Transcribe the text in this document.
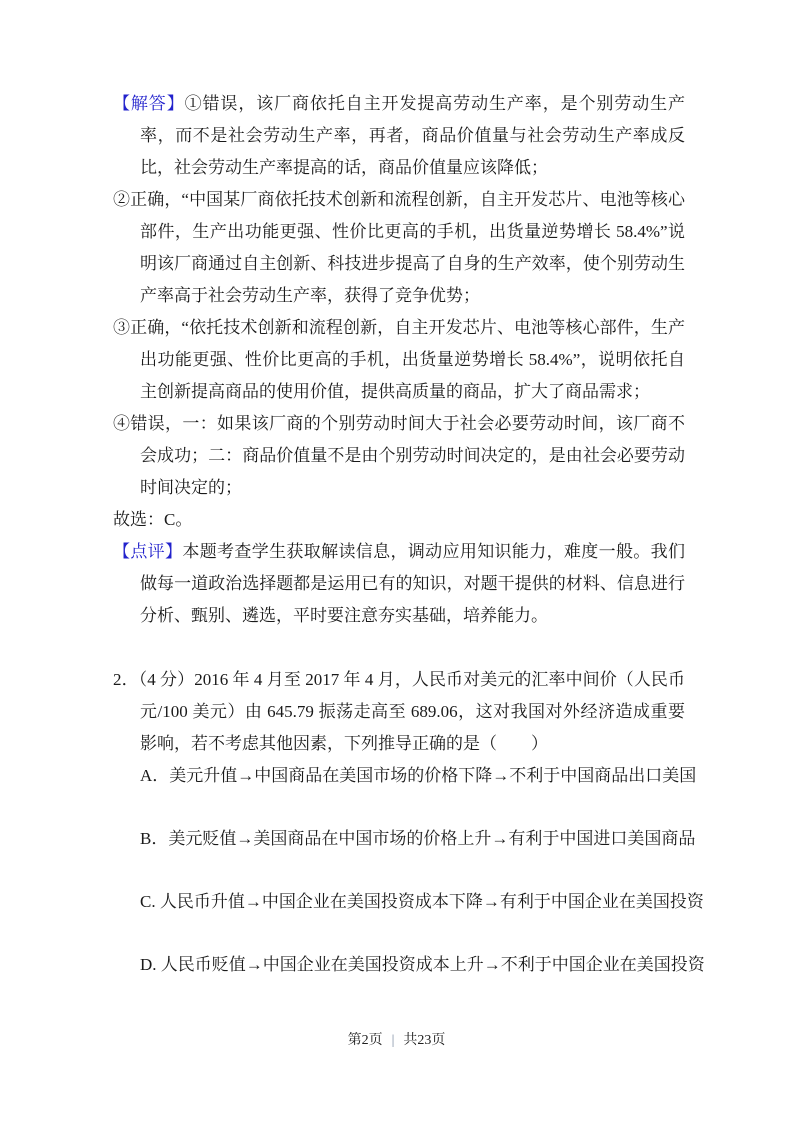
【解答】①错误，该厂商依托自主开发提高劳动生产率，是个别劳动生产率，而不是社会劳动生产率，再者，商品价值量与社会劳动生产率成反比，社会劳动生产率提高的话，商品价值量应该降低；

②正确，“中国某厂商依托技术创新和流程创新，自主开发芯片、电池等核心部件，生产出功能更强、性价比更高的手机，出货量逆势增长 58.4%”说明该厂商通过自主创新、科技进步提高了自身的生产效率，使个别劳动生产率高于社会劳动生产率，获得了竞争优势；

③正确，“依托技术创新和流程创新，自主开发芯片、电池等核心部件，生产出功能更强、性价比更高的手机，出货量逆势增长 58.4%”，说明依托自主创新提高商品的使用价值，提供高质量的商品，扩大了商品需求；

④错误，一：如果该厂商的个别劳动时间大于社会必要劳动时间，该厂商不会成功；二：商品价值量不是由个别劳动时间决定的，是由社会必要劳动时间决定的；

故选：C。

【点评】本题考查学生获取解读信息，调动应用知识能力，难度一般。我们做每一道政治选择题都是运用已有的知识，对题干提供的材料、信息进行分析、甄别、遴选，平时要注意夯实基础，培养能力。

2．（4 分）2016 年 4 月至 2017 年 4 月，人民币对美元的汇率中间价（人民币元/100 美元）由 645.79 振荡走高至 689.06，这对我国对外经济造成重要影响，若不考虑其他因素，下列推导正确的是（　　）

A．美元升值→中国商品在美国市场的价格下降→不利于中国商品出口美国

B．美元贬值→美国商品在中国市场的价格上升→有利于中国进口美国商品

C. 人民币升值→中国企业在美国投资成本下降→有利于中国企业在美国投资

D. 人民币贬值→中国企业在美国投资成本上升→不利于中国企业在美国投资

第2页 | 共23页
